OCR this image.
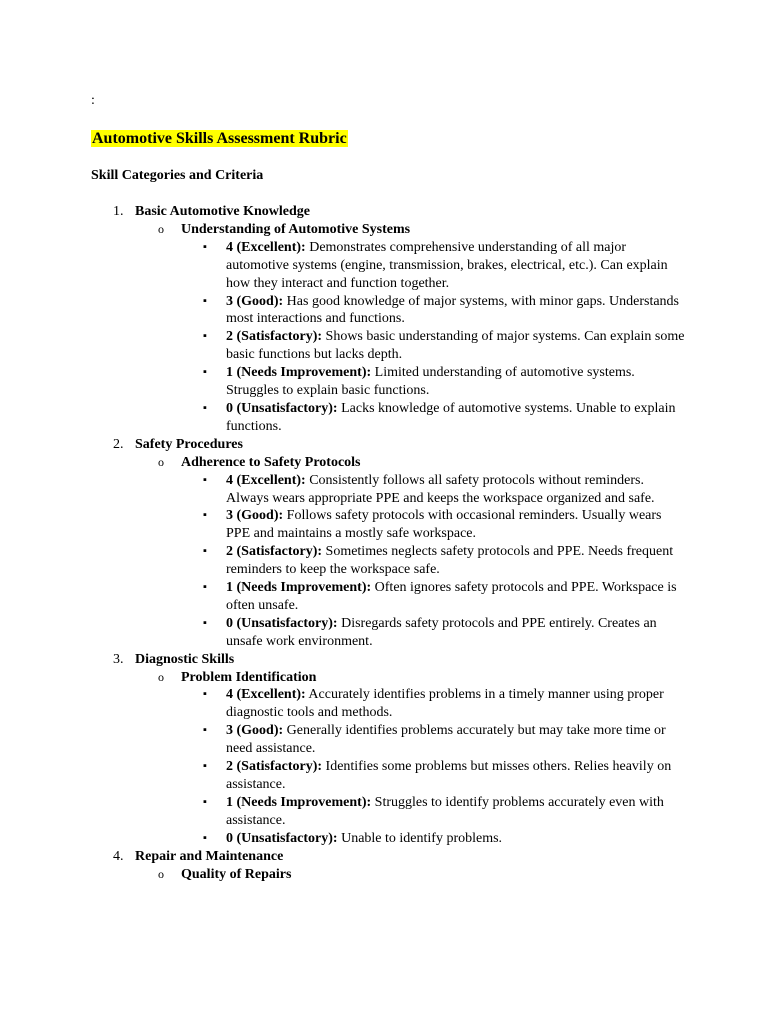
:
Automotive Skills Assessment Rubric
Skill Categories and Criteria
1. Basic Automotive Knowledge
o Understanding of Automotive Systems
▪ 4 (Excellent): Demonstrates comprehensive understanding of all major automotive systems (engine, transmission, brakes, electrical, etc.). Can explain how they interact and function together.
▪ 3 (Good): Has good knowledge of major systems, with minor gaps. Understands most interactions and functions.
▪ 2 (Satisfactory): Shows basic understanding of major systems. Can explain some basic functions but lacks depth.
▪ 1 (Needs Improvement): Limited understanding of automotive systems. Struggles to explain basic functions.
▪ 0 (Unsatisfactory): Lacks knowledge of automotive systems. Unable to explain functions.
2. Safety Procedures
o Adherence to Safety Protocols
▪ 4 (Excellent): Consistently follows all safety protocols without reminders. Always wears appropriate PPE and keeps the workspace organized and safe.
▪ 3 (Good): Follows safety protocols with occasional reminders. Usually wears PPE and maintains a mostly safe workspace.
▪ 2 (Satisfactory): Sometimes neglects safety protocols and PPE. Needs frequent reminders to keep the workspace safe.
▪ 1 (Needs Improvement): Often ignores safety protocols and PPE. Workspace is often unsafe.
▪ 0 (Unsatisfactory): Disregards safety protocols and PPE entirely. Creates an unsafe work environment.
3. Diagnostic Skills
o Problem Identification
▪ 4 (Excellent): Accurately identifies problems in a timely manner using proper diagnostic tools and methods.
▪ 3 (Good): Generally identifies problems accurately but may take more time or need assistance.
▪ 2 (Satisfactory): Identifies some problems but misses others. Relies heavily on assistance.
▪ 1 (Needs Improvement): Struggles to identify problems accurately even with assistance.
▪ 0 (Unsatisfactory): Unable to identify problems.
4. Repair and Maintenance
o Quality of Repairs
